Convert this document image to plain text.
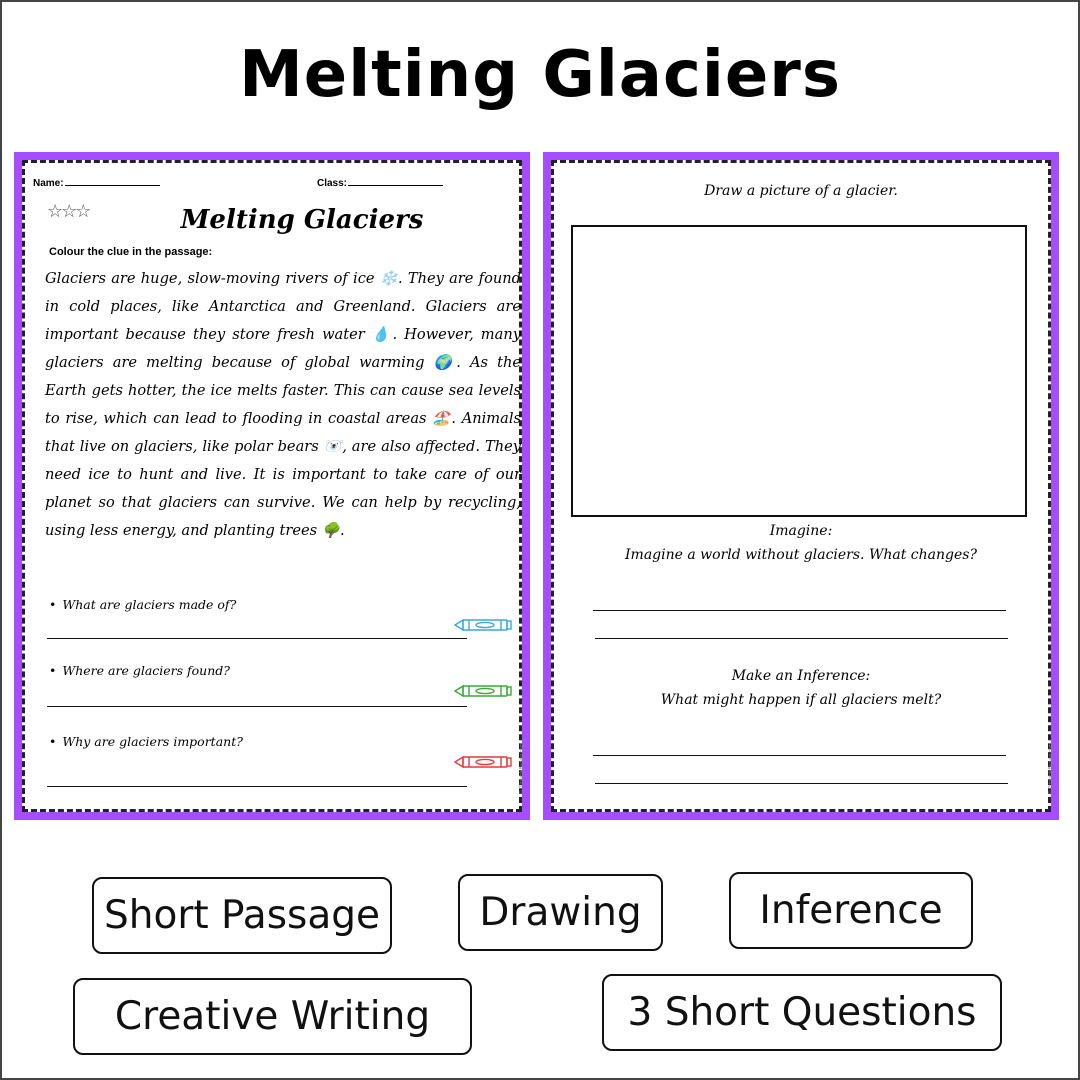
Melting Glaciers
Name:	Class:
☆☆☆	Melting Glaciers
Colour the clue in the passage:
Glaciers are huge, slow-moving rivers of ice ❄️. They are found in cold places, like Antarctica and Greenland. Glaciers are important because they store fresh water 💧. However, many glaciers are melting because of global warming 🌍. As the Earth gets hotter, the ice melts faster. This can cause sea levels to rise, which can lead to flooding in coastal areas 🏖️. Animals that live on glaciers, like polar bears 🐻‍❄️, are also affected. They need ice to hunt and live. It is important to take care of our planet so that glaciers can survive. We can help by recycling, using less energy, and planting trees 🌳.
• What are glaciers made of?
• Where are glaciers found?
• Why are glaciers important?
© PrintableBazaar.com
Draw a picture of a glacier.
Imagine:
Imagine a world without glaciers. What changes?
Make an Inference:
What might happen if all glaciers melt?
© PrintableBazaar.com
Short Passage	Drawing	Inference
Creative Writing	3 Short Questions
